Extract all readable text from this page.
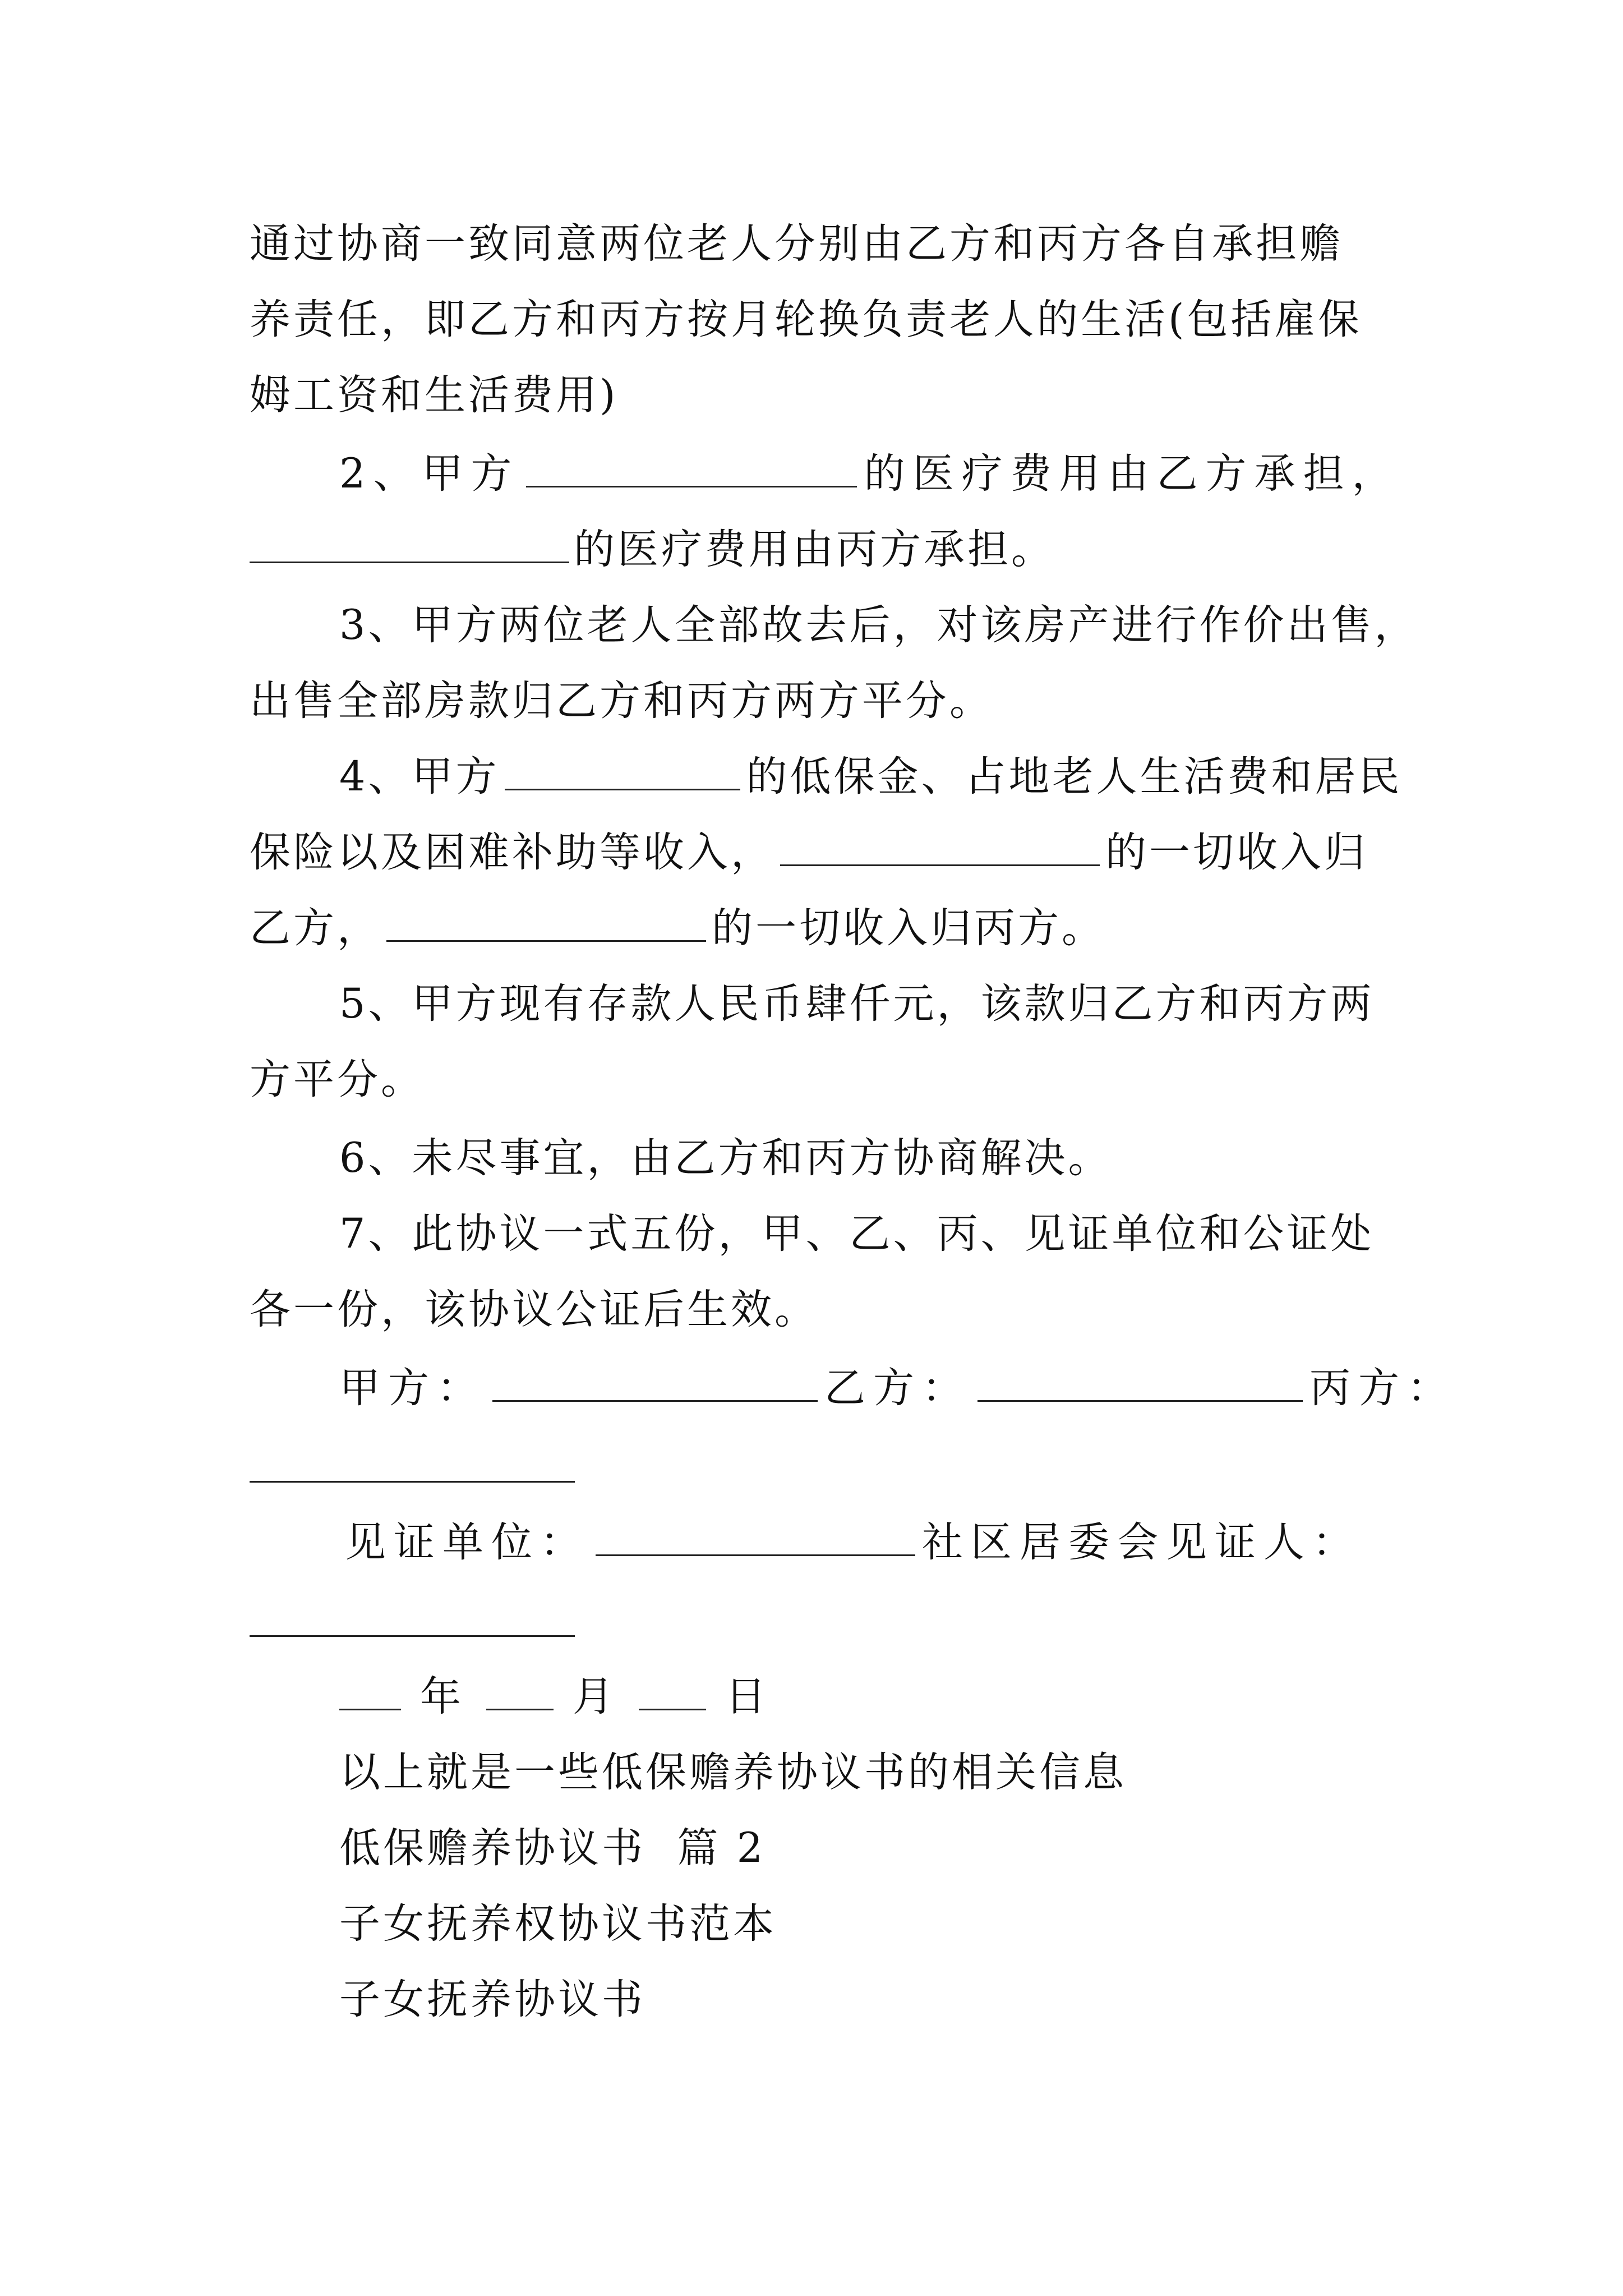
通过协商一致同意两位老人分别由乙方和丙方各自承担赡
养责任，即乙方和丙方按月轮换负责老人的生活(包括雇保
姆工资和生活费用)
2、甲方	的医疗费用由乙方承担，
的医疗费用由丙方承担。
3、甲方两位老人全部故去后，对该房产进行作价出售，
出售全部房款归乙方和丙方两方平分。
4、甲方	的低保金、占地老人生活费和居民
保险以及困难补助等收入，	的一切收入归
乙方，	的一切收入归丙方。
5、甲方现有存款人民币肆仟元，该款归乙方和丙方两
方平分。
6、未尽事宜，由乙方和丙方协商解决。
7、此协议一式五份，甲、乙、丙、见证单位和公证处
各一份，该协议公证后生效。
甲方：	乙方：	丙方：
见证单位：	社区居委会见证人：
年	月	日
以上就是一些低保赡养协议书的相关信息
低保赡养协议书  篇 2
子女抚养权协议书范本
子女抚养协议书
